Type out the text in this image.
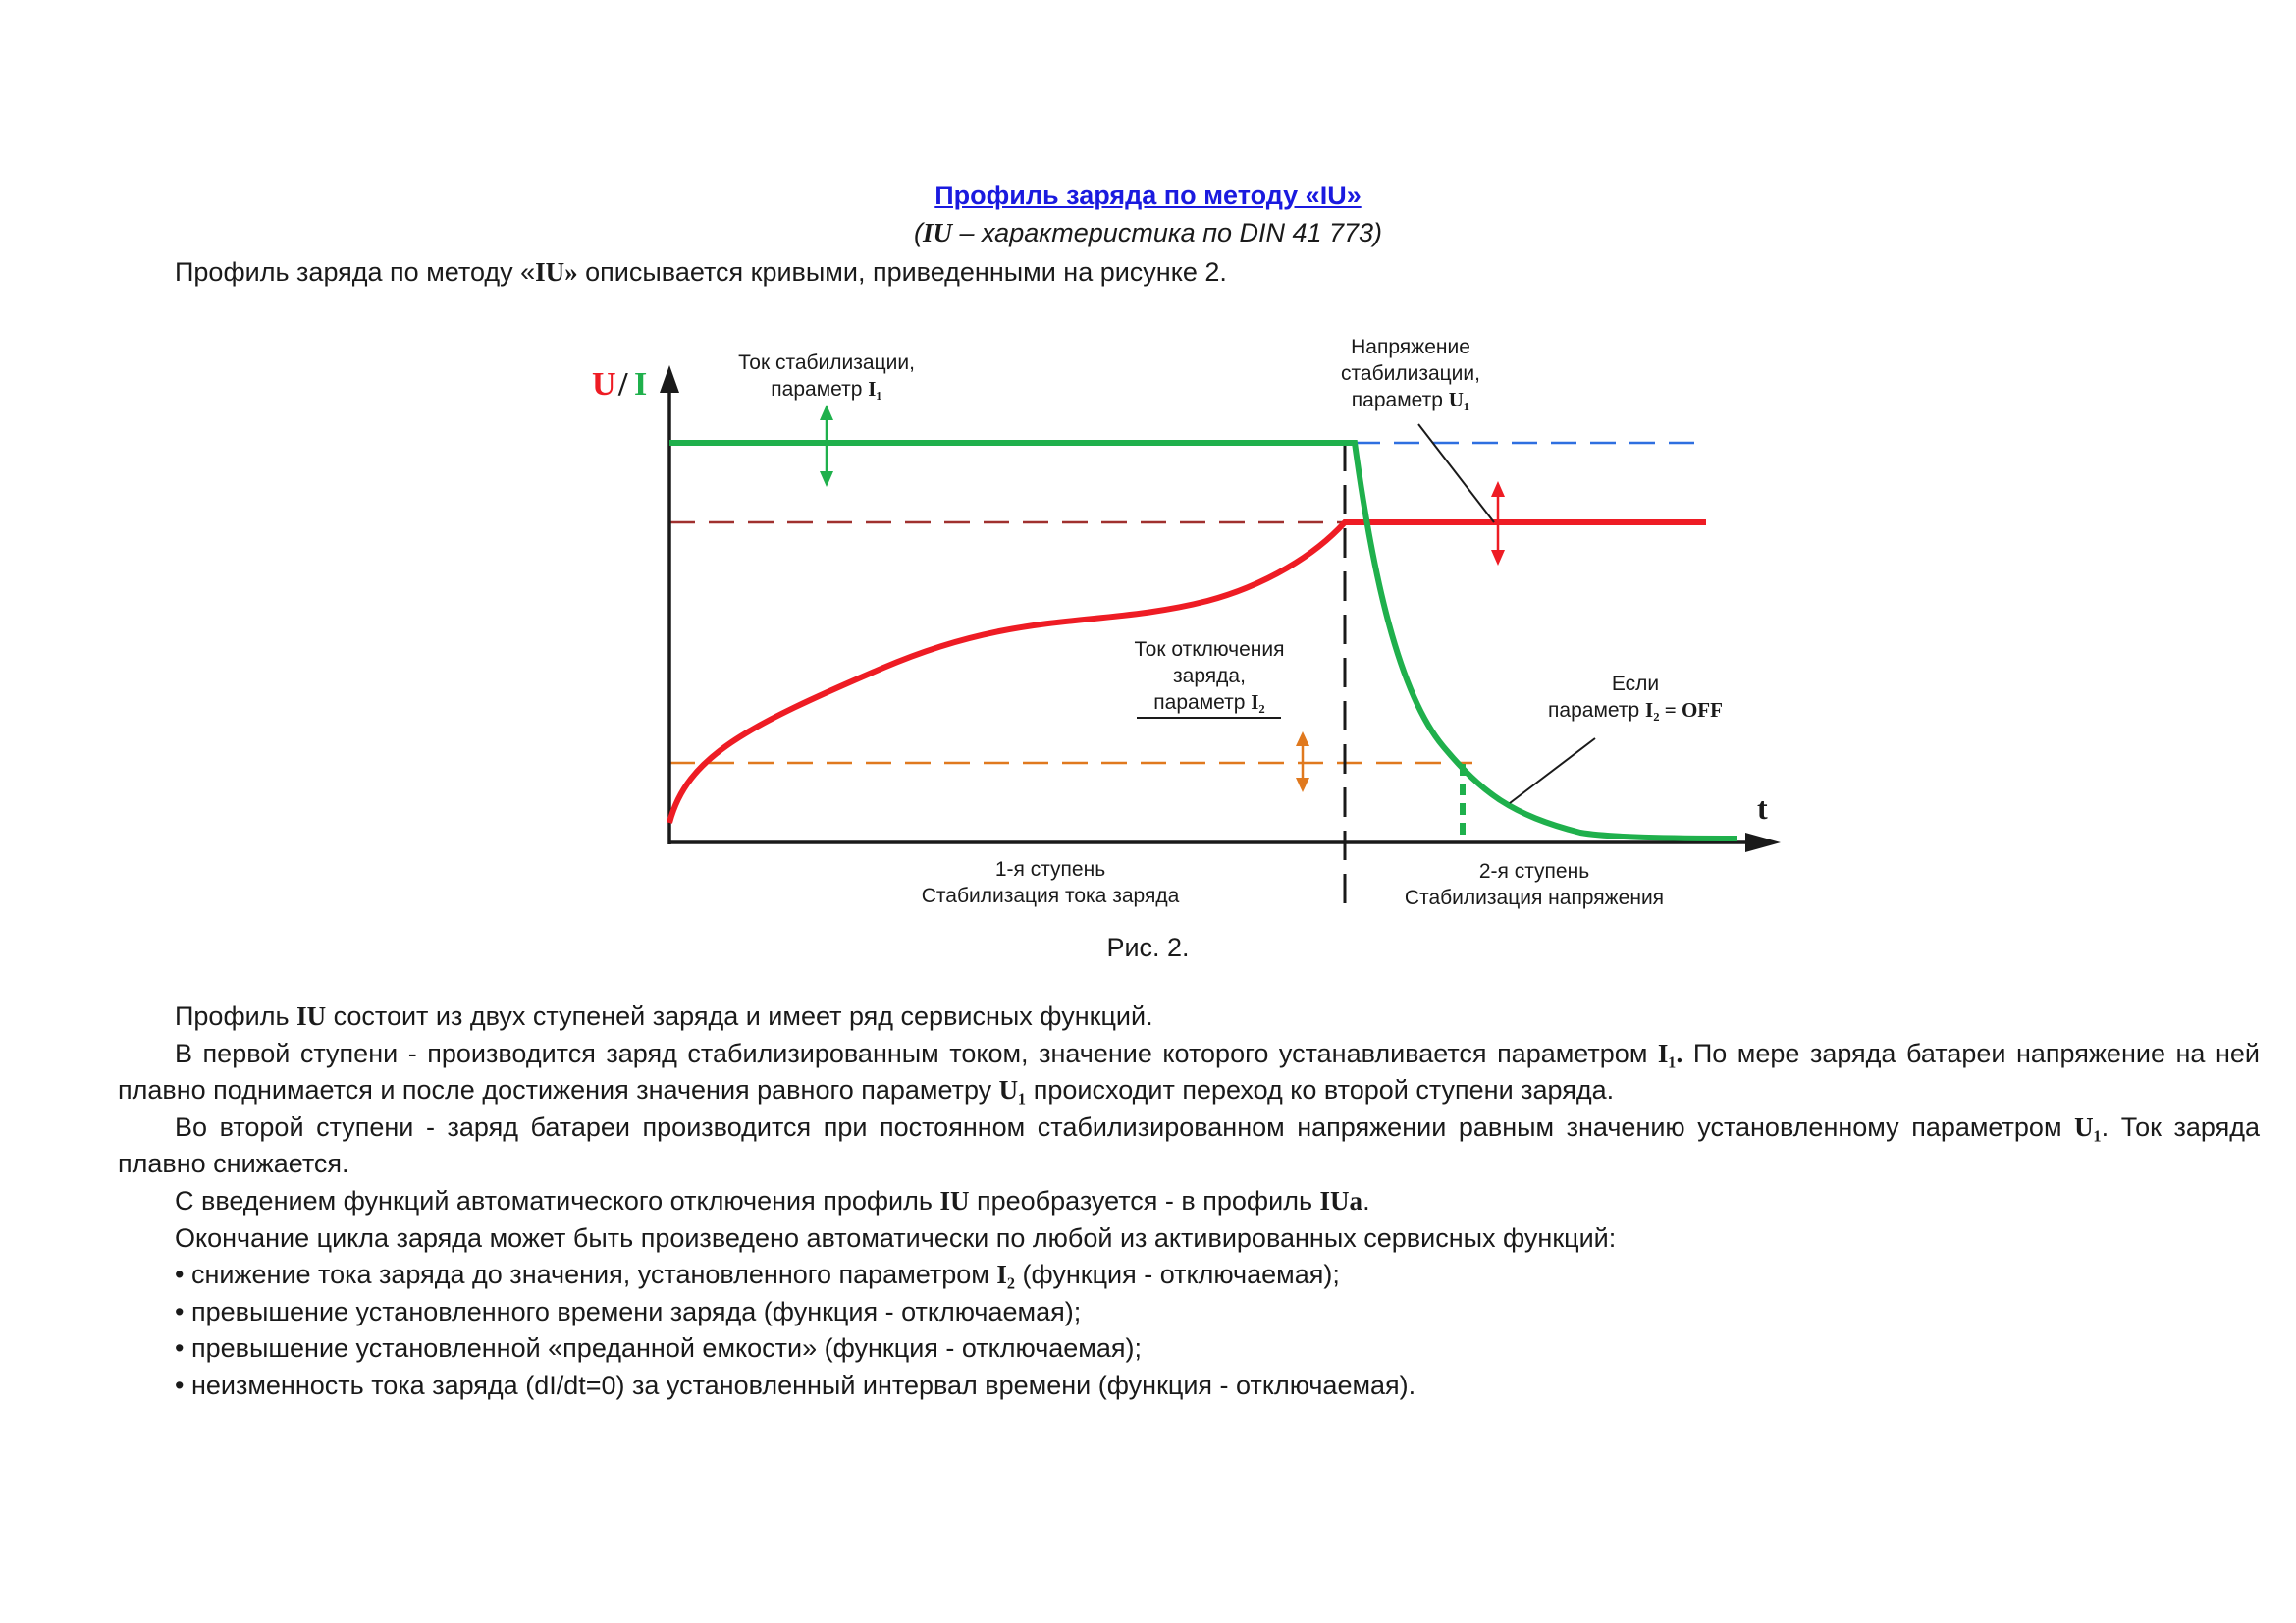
Профиль заряда по методу «IU»
(IU – характеристика по DIN 41 773)
Профиль заряда по методу «IU» описывается кривыми, приведенными на рисунке 2.
U / I
t
Ток стабилизации,
параметр I₁
Напряжение
стабилизации,
параметр U₁
Ток отключения
заряда,
параметр I₂
Если
параметр I₂ = OFF
1-я ступень
Стабилизация тока заряда
2-я ступень
Стабилизация напряжения
Рис. 2.

Профиль IU состоит из двух ступеней заряда и имеет ряд сервисных функций.

В первой ступени - производится заряд стабилизированным током, значение которого устанавливается параметром I₁. По мере заряда батареи напряжение на ней плавно поднимается и после достижения значения равного параметру U₁ происходит переход ко второй ступени заряда.

Во второй ступени - заряд батареи производится при постоянном стабилизированном напряжении равным значению установленному параметром U₁. Ток заряда плавно снижается.

С введением функций автоматического отключения профиль IU преобразуется - в профиль IUa.

Окончание цикла заряда может быть произведено автоматически по любой из активированных сервисных функций:

• снижение тока заряда до значения, установленного параметром I₂ (функция - отключаемая);

• превышение установленного времени заряда (функция - отключаемая);

• превышение установленной «преданной емкости» (функция - отключаемая);

• неизменность тока заряда (dI/dt=0) за установленный интервал времени (функция - отключаемая).
